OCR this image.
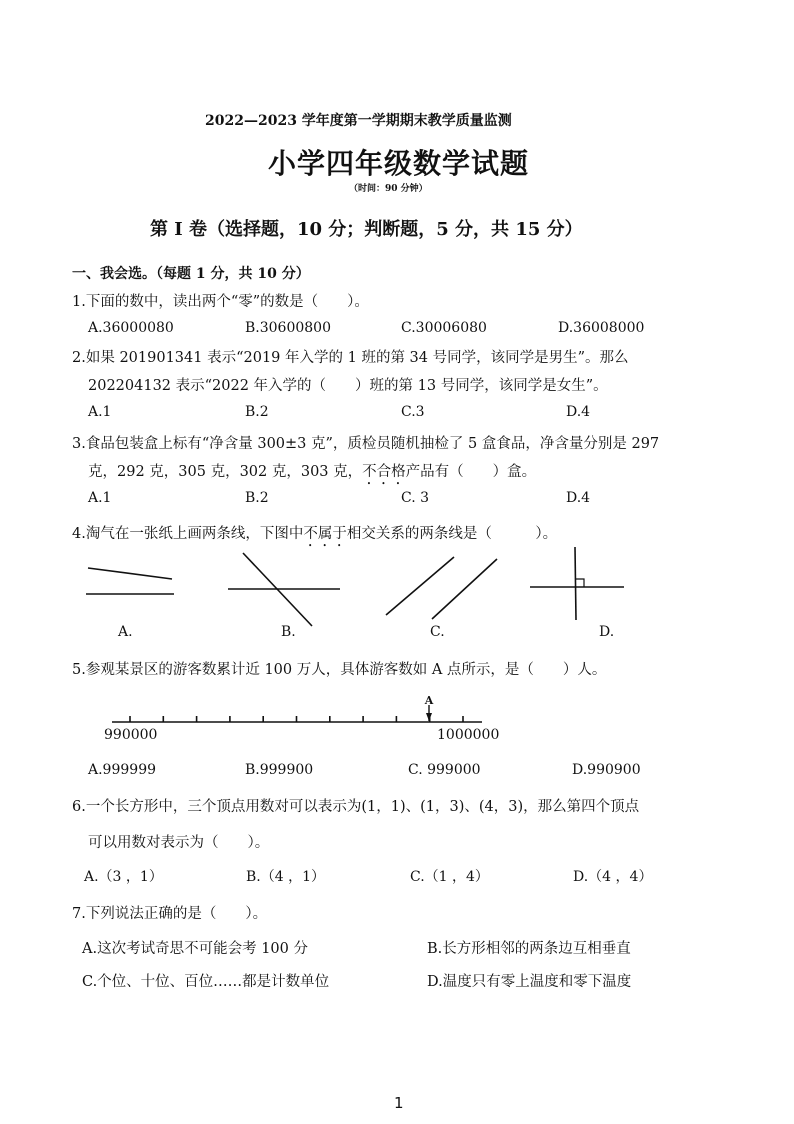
2022—2023 学年度第一学期期末教学质量监测
小学四年级数学试题
（时间：90 分钟）
第 I 卷（选择题，10 分；判断题，5 分，共 15 分）
一、我会选。（每题 1 分，共 10 分）
1.下面的数中，读出两个“零”的数是（　　）。
A.36000080	B.30600800	C.30006080	D.36008000
2.如果 201901341 表示“2019 年入学的 1 班的第 34 号同学，该同学是男生”。那么
202204132 表示“2022 年入学的（　　）班的第 13 号同学，该同学是女生”。
A.1	B.2	C.3	D.4
3.食品包装盒上标有“净含量 300±3 克”，质检员随机抽检了 5 盒食品，净含量分别是 297
克，292 克，305 克，302 克，303 克，不合格产品有（　　）盒。
A.1	B.2	C. 3	D.4
4.淘气在一张纸上画两条线，下图中不属于相交关系的两条线是（　　　）。
A.	B.	C.	D.
5.参观某景区的游客数累计近 100 万人，具体游客数如 A 点所示，是（　　）人。
A
990000	1000000
A.999999	B.999900	C. 999000	D.990900
6.一个长方形中，三个顶点用数对可以表示为(1，1)、(1，3)、(4，3)，那么第四个顶点
可以用数对表示为（　　）。
A.（3 ，1）	B.（4 ，1）	C.（1 ，4）	D.（4 ，4）
7.下列说法正确的是（　　）。
A.这次考试奇思不可能会考 100 分	B.长方形相邻的两条边互相垂直
C.个位、十位、百位……都是计数单位	D.温度只有零上温度和零下温度
1
